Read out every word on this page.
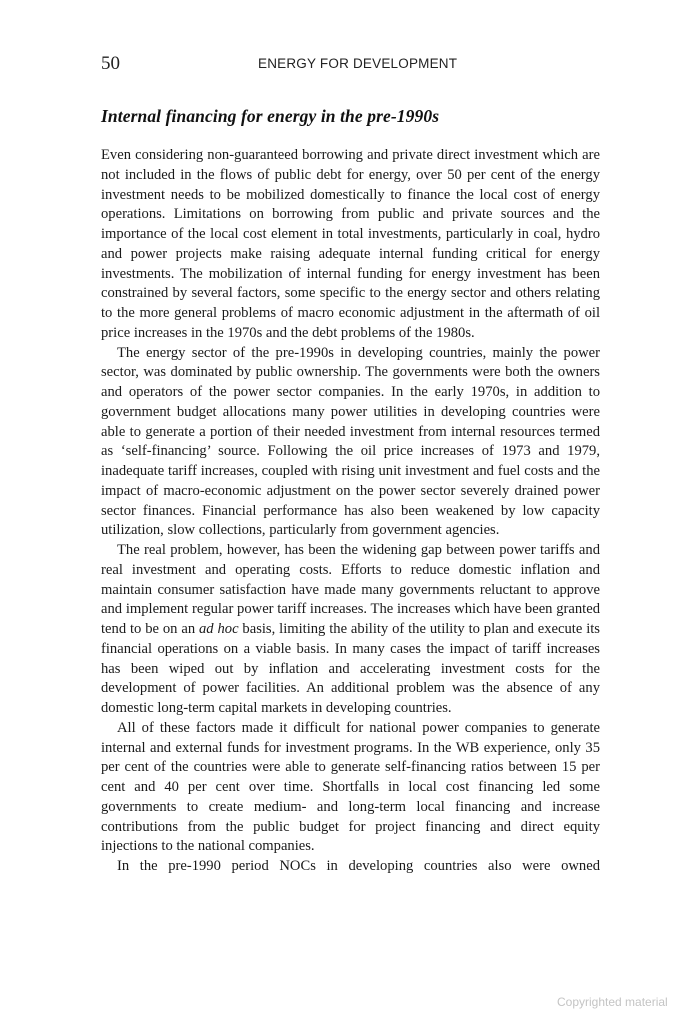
50	ENERGY FOR DEVELOPMENT
Internal financing for energy in the pre-1990s

Even considering non-guaranteed borrowing and private direct investment which are not included in the flows of public debt for energy, over 50 per cent of the energy investment needs to be mobilized domestically to finance the local cost of energy operations. Limitations on borrowing from public and private sources and the importance of the local cost element in total investments, particularly in coal, hydro and power projects make raising adequate internal funding critical for energy investments. The mobilization of internal funding for energy investment has been constrained by several factors, some specific to the energy sector and others relating to the more general problems of macro economic adjustment in the aftermath of oil price increases in the 1970s and the debt problems of the 1980s.

The energy sector of the pre-1990s in developing countries, mainly the power sector, was dominated by public ownership. The governments were both the owners and operators of the power sector companies. In the early 1970s, in addition to government budget allocations many power utilities in developing countries were able to generate a portion of their needed investment from internal resources termed as ‘self-financing’ source. Following the oil price increases of 1973 and 1979, inadequate tariff increases, coupled with rising unit investment and fuel costs and the impact of macro-economic adjustment on the power sector severely drained power sector finances. Financial performance has also been weakened by low capacity utilization, slow collections, particularly from government agencies.

The real problem, however, has been the widening gap between power tariffs and real investment and operating costs. Efforts to reduce domestic inflation and maintain consumer satisfaction have made many governments reluctant to approve and implement regular power tariff increases. The increases which have been granted tend to be on an ad hoc basis, limiting the ability of the utility to plan and execute its financial operations on a viable basis. In many cases the impact of tariff increases has been wiped out by inflation and accelerating investment costs for the development of power facilities. An additional problem was the absence of any domestic long-term capital markets in developing countries.

All of these factors made it difficult for national power companies to generate internal and external funds for investment programs. In the WB experience, only 35 per cent of the countries were able to generate self-financing ratios between 15 per cent and 40 per cent over time. Shortfalls in local cost financing led some governments to create medium- and long-term local financing and increase contributions from the public budget for project financing and direct equity injections to the national companies.

In the pre-1990 period NOCs in developing countries also were owned

Copyrighted material
